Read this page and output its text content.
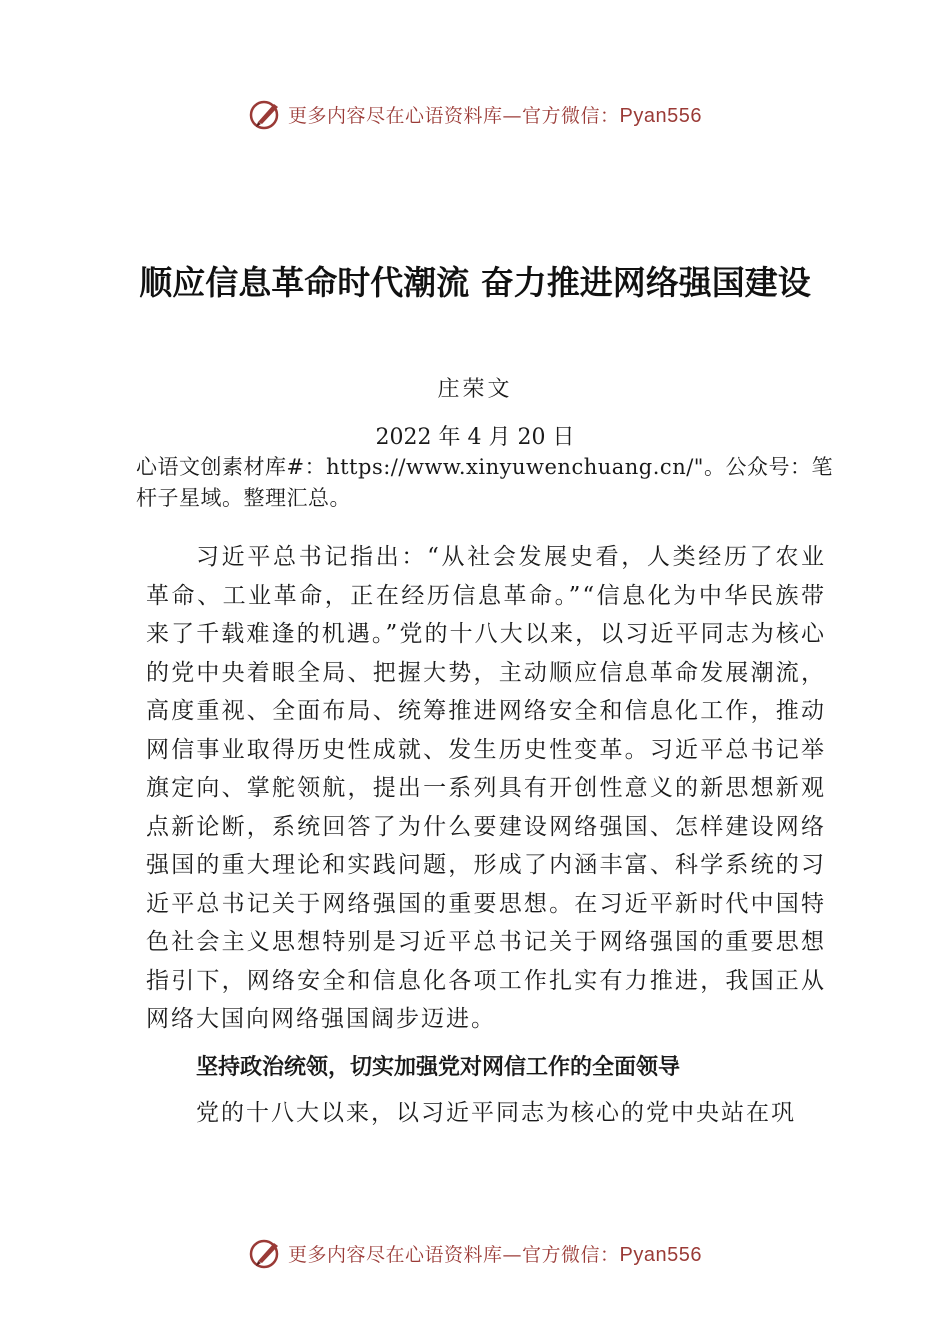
更多内容尽在心语资料库—官方微信：Pyan556
顺应信息革命时代潮流 奋力推进网络强国建设
庄荣文
2022 年 4 月 20 日
心语文创素材库#：https://www.xinyuwenchuang.cn/"。公众号：笔杆子星域。整理汇总。
习近平总书记指出：“从社会发展史看，人类经历了农业革命、工业革命，正在经历信息革命。”“信息化为中华民族带来了千载难逢的机遇。”党的十八大以来，以习近平同志为核心的党中央着眼全局、把握大势，主动顺应信息革命发展潮流，高度重视、全面布局、统筹推进网络安全和信息化工作，推动网信事业取得历史性成就、发生历史性变革。习近平总书记举旗定向、掌舵领航，提出一系列具有开创性意义的新思想新观点新论断，系统回答了为什么要建设网络强国、怎样建设网络强国的重大理论和实践问题，形成了内涵丰富、科学系统的习近平总书记关于网络强国的重要思想。在习近平新时代中国特色社会主义思想特别是习近平总书记关于网络强国的重要思想指引下，网络安全和信息化各项工作扎实有力推进，我国正从网络大国向网络强国阔步迈进。
坚持政治统领，切实加强党对网信工作的全面领导
党的十八大以来，以习近平同志为核心的党中央站在巩
更多内容尽在心语资料库—官方微信：Pyan556
